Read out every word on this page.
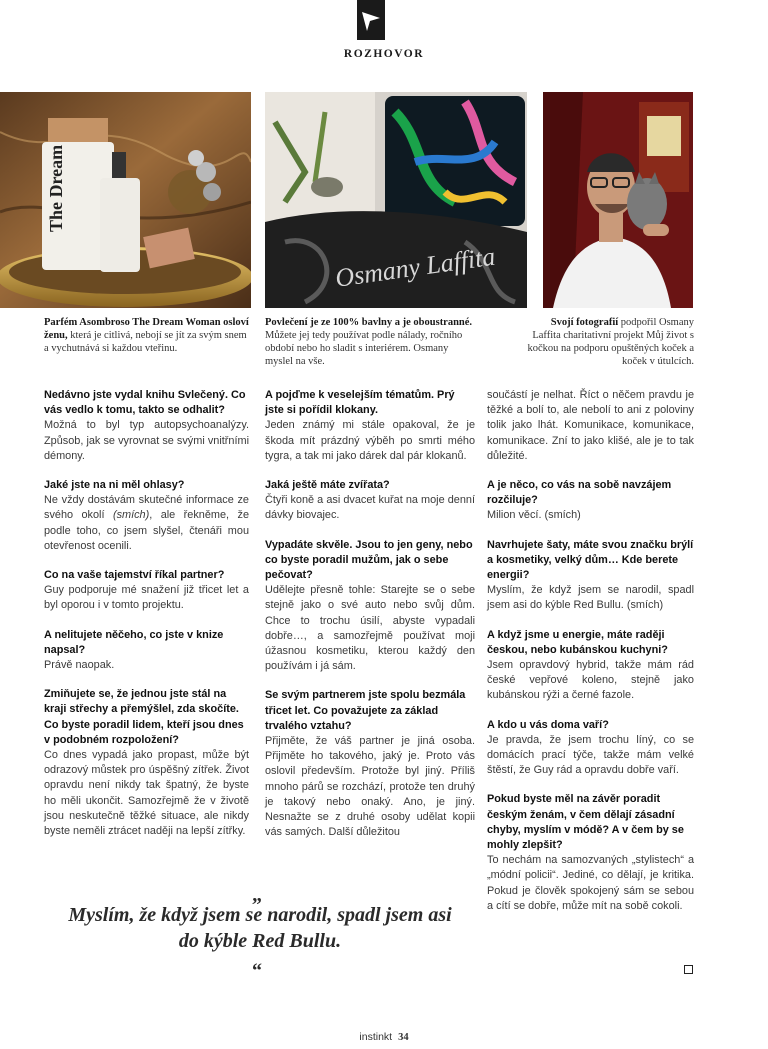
ROZHOVOR
The Dream
Osmany Laffita
Parfém Asombroso The Dream Woman osloví ženu, která je citlivá, nebojí se jít za svým snem a vychutnává si každou vteřinu.
Povlečení je ze 100% bavlny a je oboustranné. Můžete jej tedy používat podle nálady, ročního období nebo ho sladit s interiérem. Osmany myslel na vše.
Svojí fotografií podpořil Osmany Laffita charitativní projekt Můj život s kočkou na podporu opuštěných koček a koček v útulcích.

Nedávno jste vydal knihu Svlečený. Co vás vedlo k tomu, takto se odhalit?
Možná to byl typ autopsychoanalýzy. Způsob, jak se vyrovnat se svými vnitřními démony.

Jaké jste na ni měl ohlasy?
Ne vždy dostávám skutečné informace ze svého okolí (smích), ale řekněme, že podle toho, co jsem slyšel, čtenáři mou otevřenost ocenili.

Co na vaše tajemství říkal partner?
Guy podporuje mé snažení již třicet let a byl oporou i v tomto projektu.

A nelitujete něčeho, co jste v knize napsal?
Právě naopak.

Zmiňujete se, že jednou jste stál na kraji střechy a přemýšlel, zda skočíte. Co byste poradil lidem, kteří jsou dnes v podobném rozpoložení?
Co dnes vypadá jako propast, může být odrazový můstek pro úspěšný zítřek. Život opravdu není nikdy tak špatný, že byste ho měli ukončit. Samozřejmě že v životě jsou neskutečně těžké situace, ale nikdy byste neměli ztrácet naději na lepší zítřky.

A pojďme k veselejším tématům. Prý jste si pořídil klokany.
Jeden známý mi stále opakoval, že je škoda mít prázdný výběh po smrti mého tygra, a tak mi jako dárek dal pár klokanů.

Jaká ještě máte zvířata?
Čtyři koně a asi dvacet kuřat na moje denní dávky biovajec.

Vypadáte skvěle. Jsou to jen geny, nebo co byste poradil mužům, jak o sebe pečovat?
Udělejte přesně tohle: Starejte se o sebe stejně jako o své auto nebo svůj dům. Chce to trochu úsilí, abyste vypadali dobře…, a samozřejmě používat moji úžasnou kosmetiku, kterou každý den používám i já sám.

Se svým partnerem jste spolu bezmála třicet let. Co považujete za základ trvalého vztahu?
Přijměte, že váš partner je jiná osoba. Přijměte ho takového, jaký je. Proto vás oslovil především. Protože byl jiný. Příliš mnoho párů se rozchází, protože ten druhý je takový nebo onaký. Ano, je jiný. Nesnažte se z druhé osoby udělat kopii vás samých. Další důležitou

součástí je nelhat. Říct o něčem pravdu je těžké a bolí to, ale nebolí to ani z poloviny tolik jako lhát. Komunikace, komunikace, komunikace. Zní to jako klišé, ale je to tak důležité.

A je něco, co vás na sobě navzájem rozčiluje?
Milion věcí. (smích)

Navrhujete šaty, máte svou značku brýlí a kosmetiky, velký dům… Kde berete energii?
Myslím, že když jsem se narodil, spadl jsem asi do kýble Red Bullu. (smích)

A když jsme u energie, máte raději českou, nebo kubánskou kuchyni?
Jsem opravdový hybrid, takže mám rád české vepřové koleno, stejně jako kubánskou rýži a černé fazole.

A kdo u vás doma vaří?
Je pravda, že jsem trochu líný, co se domácích prací týče, takže mám velké štěstí, že Guy rád a opravdu dobře vaří.

Pokud byste měl na závěr poradit českým ženám, v čem dělají zásadní chyby, myslím v módě? A v čem by se mohly zlepšit?
To nechám na samozvaných „stylistech“ a „módní policii“. Jediné, co dělají, je kritika. Pokud je člověk spokojený sám se sebou a cítí se dobře, může mít na sobě cokoli.

„
Myslím, že když jsem se narodil, spadl jsem asi do kýble Red Bullu.
“
instinkt 34
